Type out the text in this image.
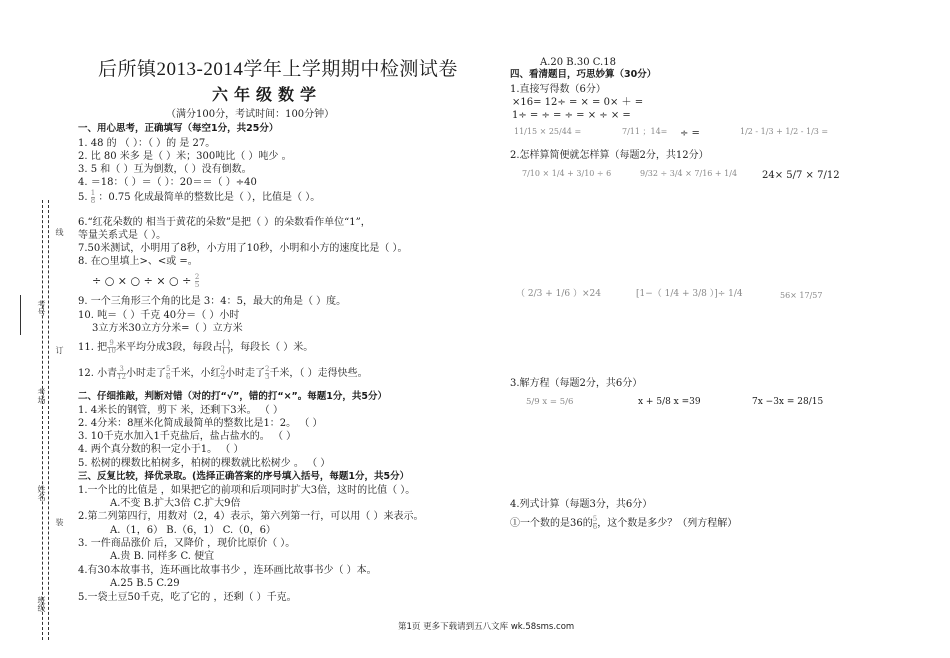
线
考号
订
考场
姓名
装
班级
后所镇2013-2014学年上学期期中检测试卷
六年级数学
（满分100分，考试时间：100分钟）
一、用心思考，正确填写（每空1分，共25分）
1. 48 的 （ ）：（ ）的 是 27。
2. 比 80 米多 是（ ）米；300吨比（ ）吨少 。
3. 5 和（ ）互为倒数，（ ）没有倒数。
4. ＝18：（ ）＝（ ）：20＝＝（ ）÷40
5. $\frac{1}{8}$ ：0.75 化成最简单的整数比是（ ），比值是（ ）。
6.“红花朵数的 相当于黄花的朵数”是把（ ）的朵数看作单位“1”，
等量关系式是（ ）。
7.50米测试，小明用了8秒，小方用了10秒，小明和小方的速度比是（ ）。
8. 在○里填上>、<或 =。
÷ ○ × ○ ÷ × ○ ÷ $\frac{2}{5}$
9. 一个三角形三个角的比是 3：4：5，最大的角是（ ）度。
10. 吨＝（ ）千克 40分＝（ ）小时
3立方米30立方分米=（ ）立方米
11. 把 $\frac{9}{10}$ 米平均分成3段，每段占 $\frac{( )}{( )}$ ，每段长（ ）米。
12. 小青 $\frac{3}{12}$ 小时走了 $\frac{5}{6}$ 千米，小红 $\frac{2}{3}$ 小时走了 $\frac{2}{3}$ 千米，（ ）走得快些。
二、仔细推敲，判断对错（对的打“√”，错的打“×”。每题1分，共5分）
1. 4米长的钢管，剪下 米，还剩下3米。 （ ）
2. 4分米：8厘米化简成最简单的整数比是1：2。 （ ）
3. 10千克水加入1千克盐后，盐占盐水的。 （ ）
4. 两个真分数的积一定小于1。 （ ）
5. 松树的棵数比柏树多，柏树的棵数就比松树少 。 （ ）
三、反复比较，择优录取。(选择正确答案的序号填入括号，每题1分，共5分）
1.一个比的比值是 ，如果把它的前项和后项同时扩大3倍，这时的比值（ ）。
A.不变 B.扩大3倍 C.扩大9倍
2.第二列第四行，用数对（2，4）表示，第六列第一行，可以用（ ）来表示。
A.（1，6） B.（6，1） C.（0，6）
3. 一件商品涨价 后，又降价 ，现价比原价（ ）。
A.贵 B. 同样多 C. 便宜
4.有30本故事书，连环画比故事书少 ，连环画比故事书少（ ）本。
A.25 B.5 C.29
5.一袋土豆50千克，吃了它的 ，还剩（ ）千克。
A.20 B.30 C.18
四、看清题目，巧思妙算（30分）
1.直接写得数（6分）
×16= 12÷ = × = 0× ＋ =
1÷ = ÷ = ÷ = × ÷ × =
11/15 × 25/44 =	7/11 ；14= ÷ =	1/2 - 1/3 + 1/2 - 1/3 =
2.怎样算简便就怎样算（每题2分，共12分）
7/10 × 1/4 + 3/10 ÷ 6	9/32 ÷ 3/4 × 7/16 + 1/4 24× 5/7 × 7/12
（ 2/3 + 1/6 ）×24	[1−（ 1/4 + 3/8 ）]÷ 1/4	56× 17/57
3.解方程（每题2分，共6分）
5/9 x = 5/6	x + 5/8 x =39	7x −3x = 28/15
4.列式计算（每题3分，共6分）
①一个数的是36的 $\frac{5}{6}$ ，这个数是多少？（列方程解）
第1页 更多下载请到五八文库 wk.58sms.com
